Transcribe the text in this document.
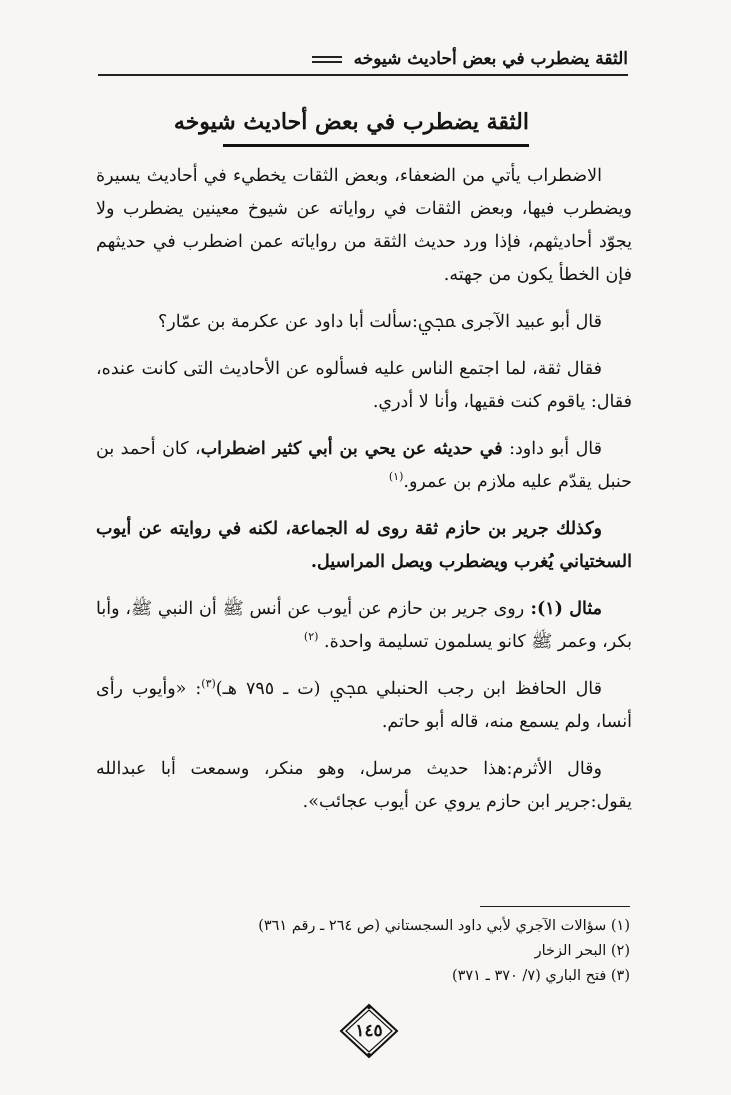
الثقة يضطرب في بعض أحاديث شيوخه
الثقة يضطرب في بعض أحاديث شيوخه

الاضطراب يأتي من الضعفاء، وبعض الثقات يخطيء في أحاديث يسيرة ويضطرب فيها، وبعض الثقات في رواياته عن شيوخ معينين يضطرب ولا يجوّد أحاديثهم، فإذا ورد حديث الثقة من رواياته عمن اضطرب في حديثهم فإن الخطأ يكون من جهته.

قال أبو عبيد الآجرى ﷀ:سألت أبا داود عن عكرمة بن عمّار؟

فقال ثقة، لما اجتمع الناس عليه فسألوه عن الأحاديث التى كانت عنده، فقال: ياقوم كنت فقيها، وأنا لا أدري.

قال أبو داود: في حديثه عن يحي بن أبي كثير اضطراب، كان أحمد بن حنبل يقدّم عليه ملازم بن عمرو.$^{(١)}$

وكذلك جرير بن حازم ثقة روى له الجماعة، لكنه في روايته عن أيوب السختياني يُغرب ويضطرب ويصل المراسيل.

مثال (١): روى جرير بن حازم عن أيوب عن أنس ﷺ أن النبي ﷺ، وأبا بكر، وعمر ﷺ كانو يسلمون تسليمة واحدة. $^{(٢)}$

قال الحافظ ابن رجب الحنبلي ﷀ (ت ـ ٧٩٥ هـ)$^{(٣)}$: «وأيوب رأى أنسا، ولم يسمع منه، قاله أبو حاتم.

وقال الأثرم:هذا حديث مرسل، وهو منكر، وسمعت أبا عبدالله يقول:جرير ابن حازم يروي عن أيوب عجائب».

(١) سؤالات الآجري لأبي داود السجستاني (ص ٢٦٤ ـ رقم ٣٦١)
(٢) البحر الزخار
(٣) فتح الباري (٧/ ٣٧٠ ـ ٣٧١)
١٤٥
